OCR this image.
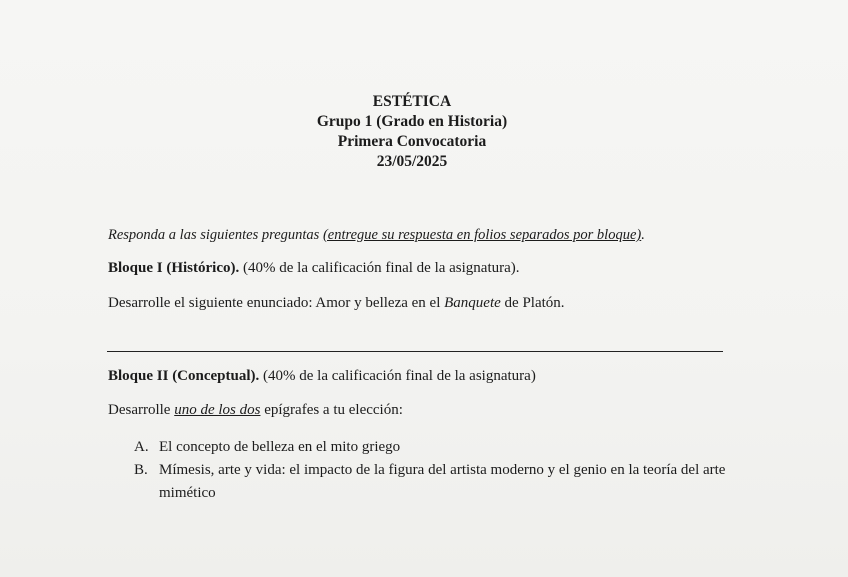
ESTÉTICA
Grupo 1 (Grado en Historia)
Primera Convocatoria
23/05/2025
Responda a las siguientes preguntas (entregue su respuesta en folios separados por bloque).
Bloque I (Histórico). (40% de la calificación final de la asignatura).
Desarrolle el siguiente enunciado: Amor y belleza en el Banquete de Platón.
Bloque II (Conceptual). (40% de la calificación final de la asignatura)
Desarrolle uno de los dos epígrafes a tu elección:
A. El concepto de belleza en el mito griego
B. Mímesis, arte y vida: el impacto de la figura del artista moderno y el genio en la teoría del arte mimético
